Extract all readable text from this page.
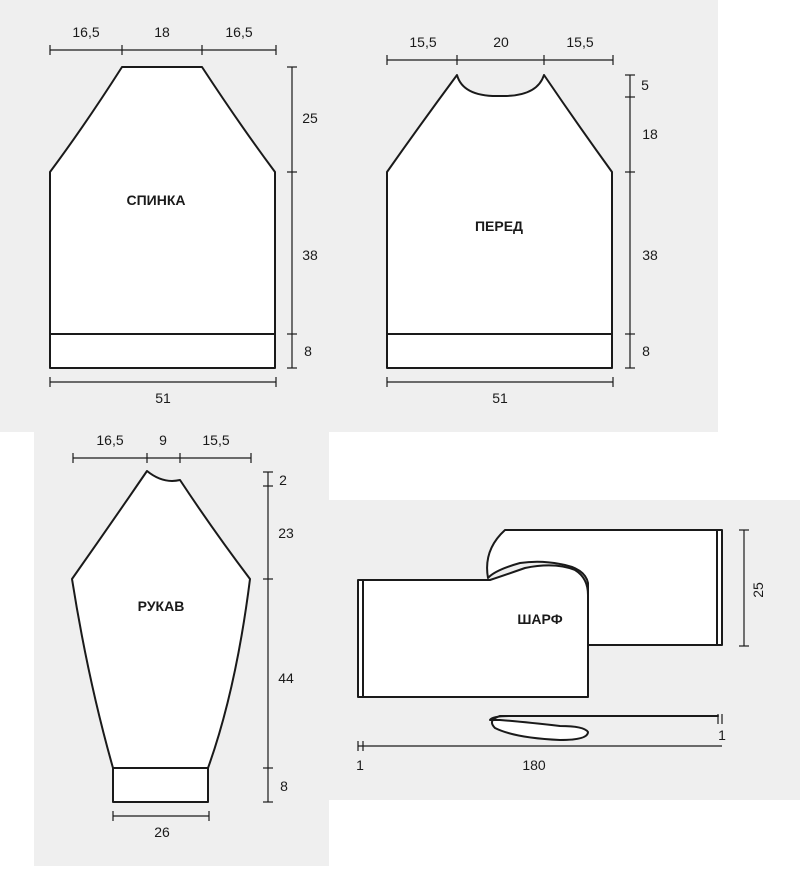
16,5	18	16,5
25
38
8
51
СПИНКА
15,5	20	15,5
5
18
38
8
51
ПЕРЕД
16,5	9	15,5
2
23
44
8
26
РУКАВ
25
1	180
1
ШАРФ
